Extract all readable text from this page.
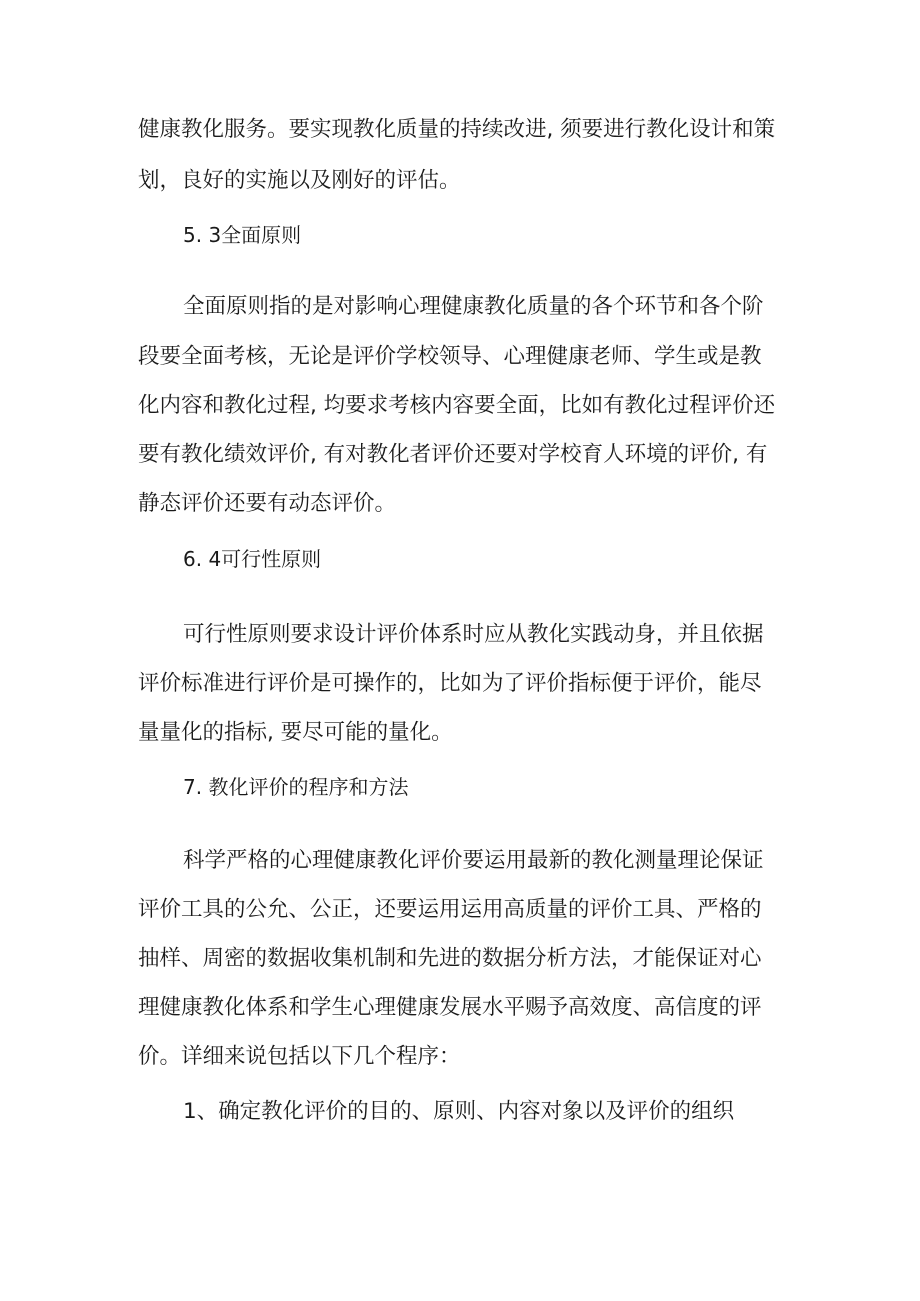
健康教化服务。要实现教化质量的持续改进, 须要进行教化设计和策
划，良好的实施以及刚好的评估。
5. 3全面原则
全面原则指的是对影响心理健康教化质量的各个环节和各个阶
段要全面考核，无论是评价学校领导、心理健康老师、学生或是教
化内容和教化过程, 均要求考核内容要全面，比如有教化过程评价还
要有教化绩效评价, 有对教化者评价还要对学校育人环境的评价, 有
静态评价还要有动态评价。
6. 4可行性原则
可行性原则要求设计评价体系时应从教化实践动身，并且依据
评价标准进行评价是可操作的，比如为了评价指标便于评价，能尽
量量化的指标, 要尽可能的量化。
7. 教化评价的程序和方法
科学严格的心理健康教化评价要运用最新的教化测量理论保证
评价工具的公允、公正，还要运用运用高质量的评价工具、严格的
抽样、周密的数据收集机制和先进的数据分析方法，才能保证对心
理健康教化体系和学生心理健康发展水平赐予高效度、高信度的评
价。详细来说包括以下几个程序：
1、确定教化评价的目的、原则、内容对象以及评价的组织
